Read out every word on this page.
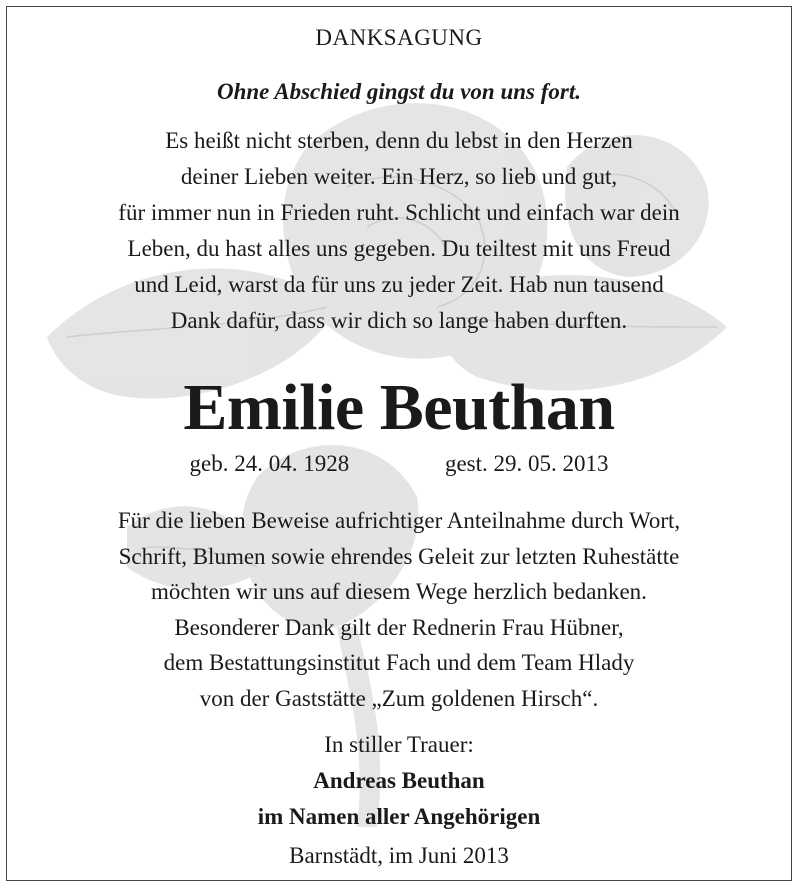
DANKSAGUNG
Ohne Abschied gingst du von uns fort.
Es heißt nicht sterben, denn du lebst in den Herzen
deiner Lieben weiter. Ein Herz, so lieb und gut,
für immer nun in Frieden ruht. Schlicht und einfach war dein
Leben, du hast alles uns gegeben. Du teiltest mit uns Freud
und Leid, warst da für uns zu jeder Zeit. Hab nun tausend
Dank dafür, dass wir dich so lange haben durften.
Emilie Beuthan
geb. 24. 04. 1928	gest. 29. 05. 2013
Für die lieben Beweise aufrichtiger Anteilnahme durch Wort,
Schrift, Blumen sowie ehrendes Geleit zur letzten Ruhestätte
möchten wir uns auf diesem Wege herzlich bedanken.
Besonderer Dank gilt der Rednerin Frau Hübner,
dem Bestattungsinstitut Fach und dem Team Hlady
von der Gaststätte „Zum goldenen Hirsch“.
In stiller Trauer:
Andreas Beuthan
im Namen aller Angehörigen
Barnstädt, im Juni 2013
